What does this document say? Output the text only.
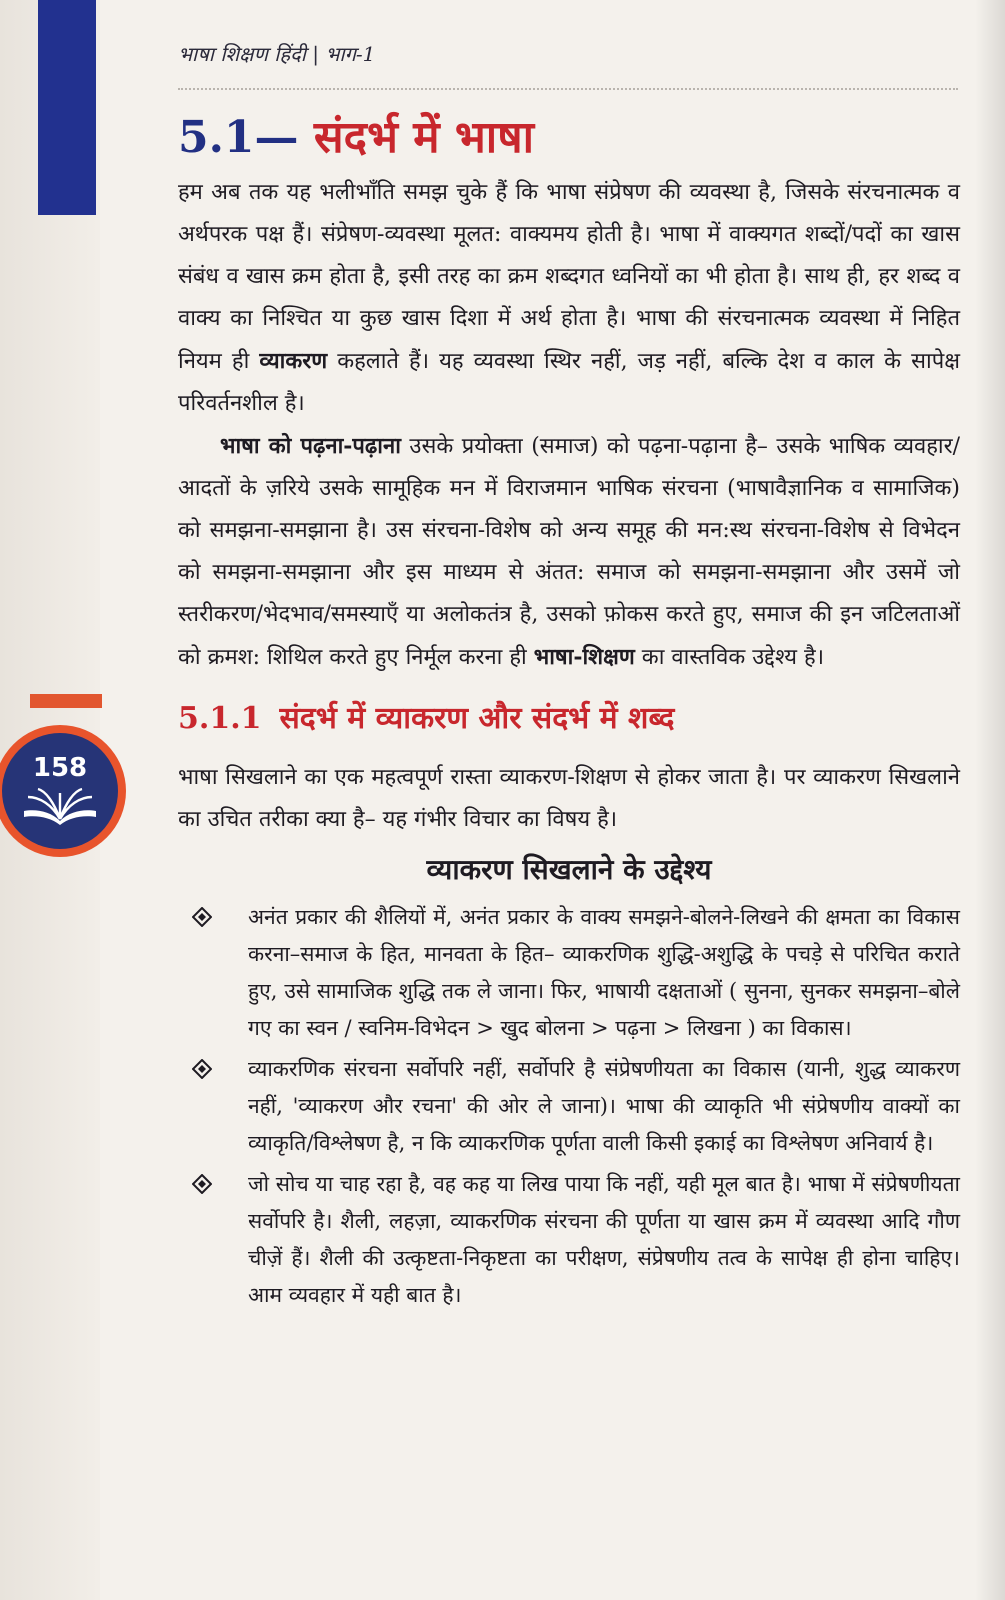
158
भाषा शिक्षण हिंदी | भाग-1
5.1— संदर्भ में भाषा

हम अब तक यह भलीभाँति समझ चुके हैं कि भाषा संप्रेषण की व्यवस्था है, जिसके संरचनात्मक व अर्थपरक पक्ष हैं। संप्रेषण-व्यवस्था मूलत: वाक्यमय होती है। भाषा में वाक्यगत शब्दों/पदों का खास संबंध व खास क्रम होता है, इसी तरह का क्रम शब्दगत ध्वनियों का भी होता है। साथ ही, हर शब्द व वाक्य का निश्चित या कुछ खास दिशा में अर्थ होता है। भाषा की संरचनात्मक व्यवस्था में निहित नियम ही व्याकरण कहलाते हैं। यह व्यवस्था स्थिर नहीं, जड़ नहीं, बल्कि देश व काल के सापेक्ष परिवर्तनशील है।

भाषा को पढ़ना-पढ़ाना उसके प्रयोक्ता (समाज) को पढ़ना-पढ़ाना है– उसके भाषिक व्यवहार/आदतों के ज़रिये उसके सामूहिक मन में विराजमान भाषिक संरचना (भाषावैज्ञानिक व सामाजिक) को समझना-समझाना है। उस संरचना-विशेष को अन्य समूह की मन:स्थ संरचना-विशेष से विभेदन को समझना-समझाना और इस माध्यम से अंतत: समाज को समझना-समझाना और उसमें जो स्तरीकरण/भेदभाव/समस्याएँ या अलोकतंत्र है, उसको फ़ोकस करते हुए, समाज की इन जटिलताओं को क्रमश: शिथिल करते हुए निर्मूल करना ही भाषा-शिक्षण का वास्तविक उद्देश्य है।

5.1.1 संदर्भ में व्याकरण और संदर्भ में शब्द

भाषा सिखलाने का एक महत्वपूर्ण रास्ता व्याकरण-शिक्षण से होकर जाता है। पर व्याकरण सिखलाने का उचित तरीका क्या है– यह गंभीर विचार का विषय है।

व्याकरण सिखलाने के उद्देश्य
अनंत प्रकार की शैलियों में, अनंत प्रकार के वाक्य समझने-बोलने-लिखने की क्षमता का विकास करना–समाज के हित, मानवता के हित– व्याकरणिक शुद्धि-अशुद्धि के पचड़े से परिचित कराते हुए, उसे सामाजिक शुद्धि तक ले जाना। फिर, भाषायी दक्षताओं ( सुनना, सुनकर समझना–बोले गए का स्वन / स्वनिम-विभेदन > खुद बोलना > पढ़ना > लिखना ) का विकास।
व्याकरणिक संरचना सर्वोपरि नहीं, सर्वोपरि है संप्रेषणीयता का विकास (यानी, शुद्ध व्याकरण नहीं, 'व्याकरण और रचना' की ओर ले जाना)। भाषा की व्याकृति भी संप्रेषणीय वाक्यों का व्याकृति/विश्लेषण है, न कि व्याकरणिक पूर्णता वाली किसी इकाई का विश्लेषण अनिवार्य है।
जो सोच या चाह रहा है, वह कह या लिख पाया कि नहीं, यही मूल बात है। भाषा में संप्रेषणीयता सर्वोपरि है। शैली, लहज़ा, व्याकरणिक संरचना की पूर्णता या खास क्रम में व्यवस्था आदि गौण चीज़ें हैं। शैली की उत्कृष्टता-निकृष्टता का परीक्षण, संप्रेषणीय तत्व के सापेक्ष ही होना चाहिए। आम व्यवहार में यही बात है।
